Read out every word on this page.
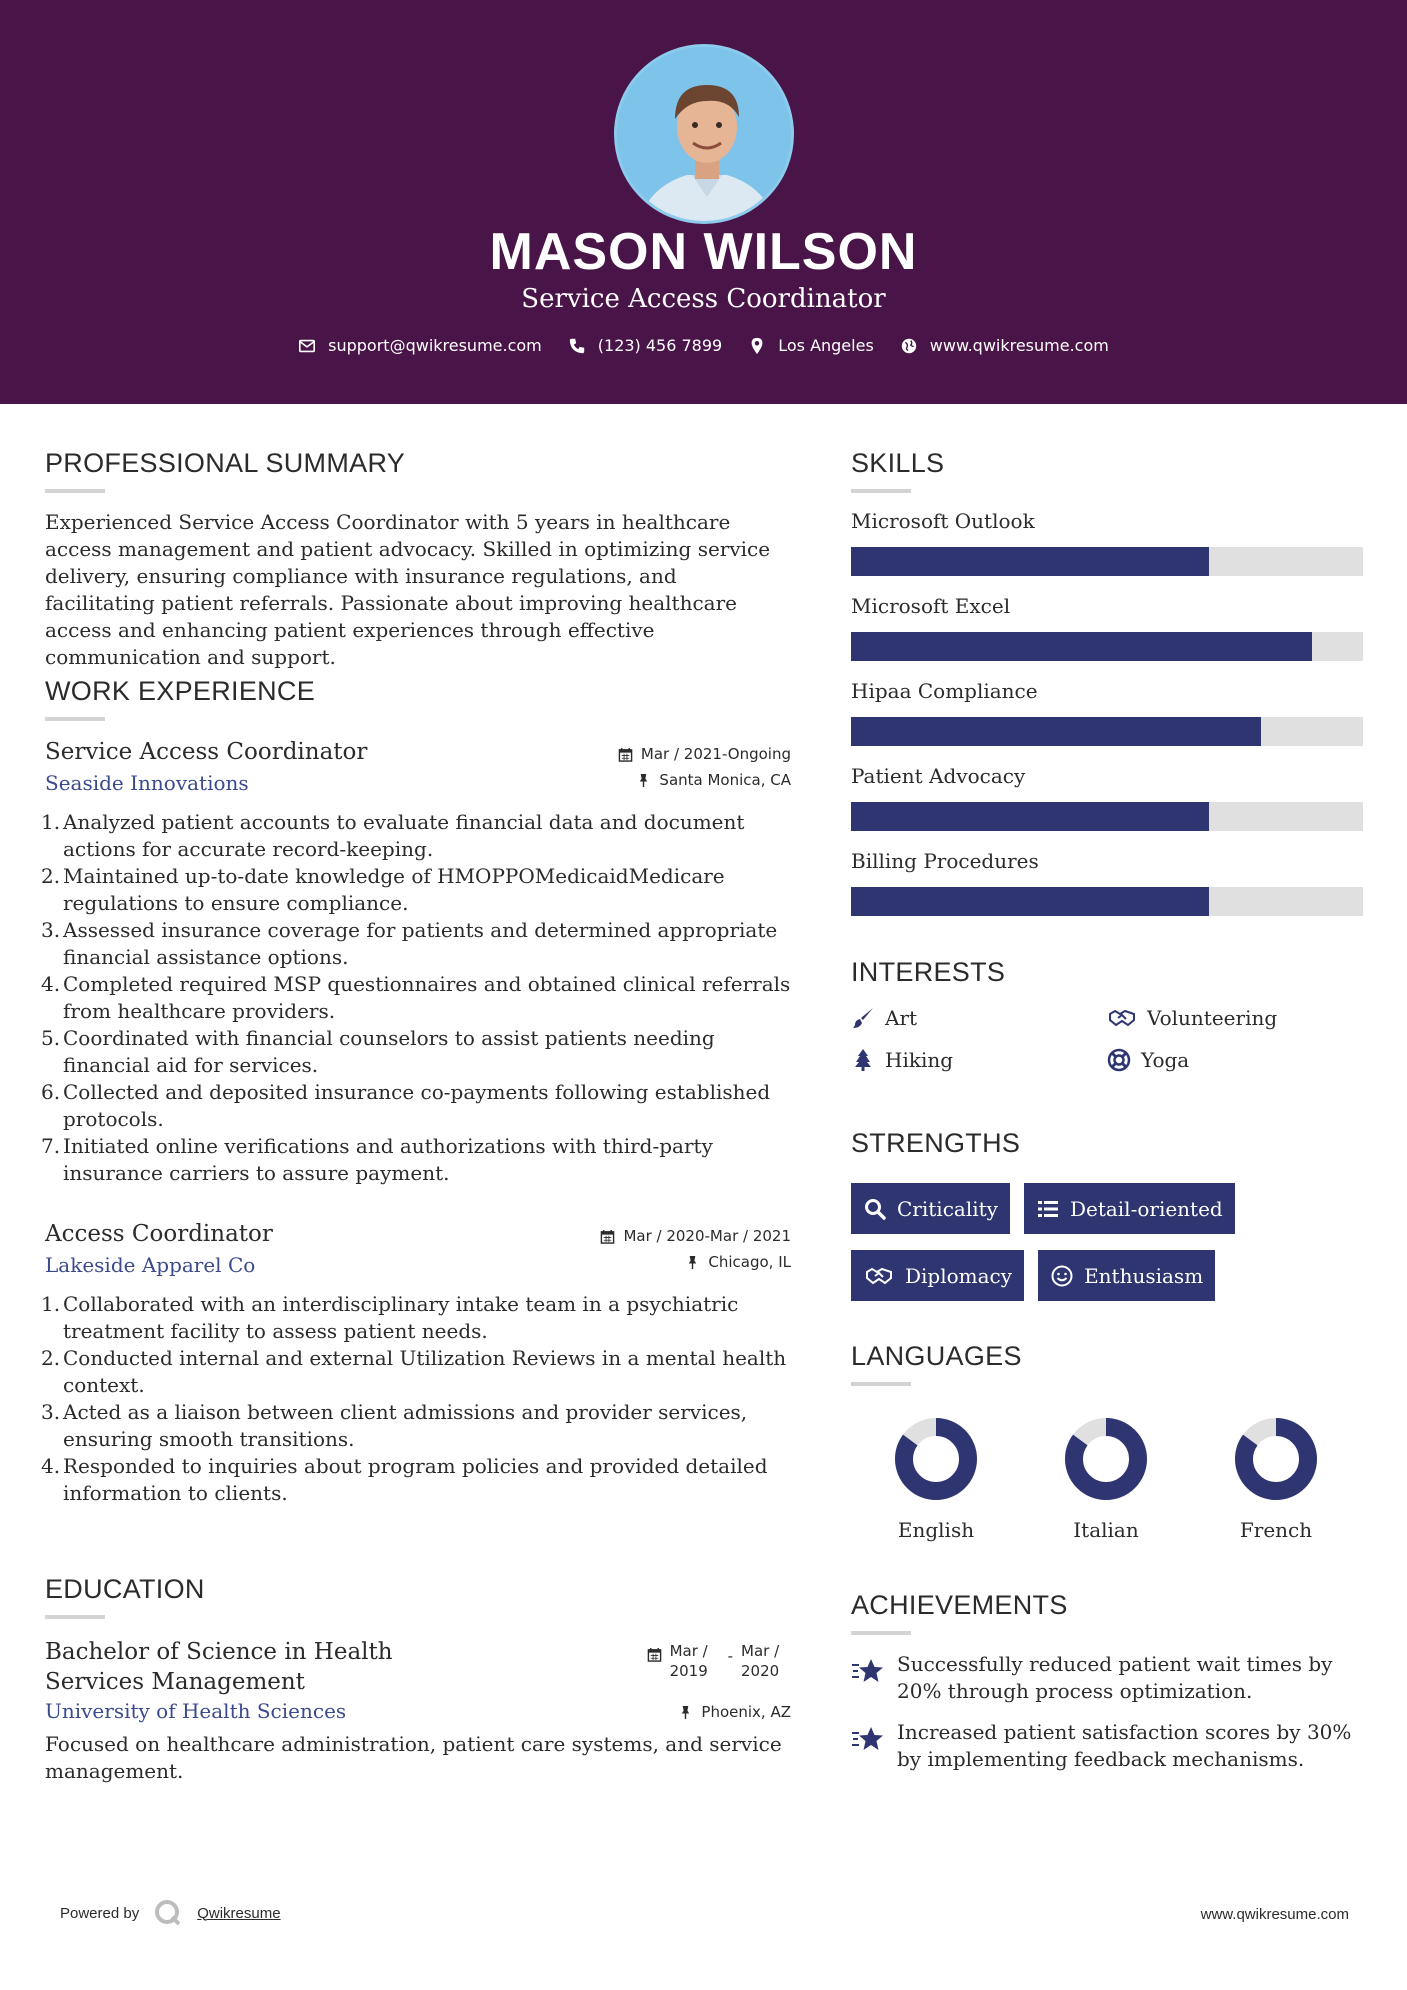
MASON WILSON
Service Access Coordinator
support@qwikresume.com	(123) 456 7899	Los Angeles	www.qwikresume.com
PROFESSIONAL SUMMARY

Experienced Service Access Coordinator with 5 years in healthcare access management and patient advocacy. Skilled in optimizing service delivery, ensuring compliance with insurance regulations, and facilitating patient referrals. Passionate about improving healthcare access and enhancing patient experiences through effective communication and support.

WORK EXPERIENCE
Service Access Coordinator	Mar / 2021-Ongoing
Seaside Innovations	Santa Monica, CA
1. Analyzed patient accounts to evaluate financial data and document actions for accurate record-keeping.
2. Maintained up-to-date knowledge of HMOPPOMedicaidMedicare regulations to ensure compliance.
3. Assessed insurance coverage for patients and determined appropriate financial assistance options.
4. Completed required MSP questionnaires and obtained clinical referrals from healthcare providers.
5. Coordinated with financial counselors to assist patients needing financial aid for services.
6. Collected and deposited insurance co-payments following established protocols.
7. Initiated online verifications and authorizations with third-party insurance carriers to assure payment.
Access Coordinator	Mar / 2020-Mar / 2021
Lakeside Apparel Co	Chicago, IL
1. Collaborated with an interdisciplinary intake team in a psychiatric treatment facility to assess patient needs.
2. Conducted internal and external Utilization Reviews in a mental health context.
3. Acted as a liaison between client admissions and provider services, ensuring smooth transitions.
4. Responded to inquiries about program policies and provided detailed information to clients.
EDUCATION
Bachelor of Science in Health Services Management
Mar / 2019
- Mar / 2020
University of Health Sciences	Phoenix, AZ

Focused on healthcare administration, patient care systems, and service management.

SKILLS
Microsoft Outlook
Microsoft Excel
Hipaa Compliance
Patient Advocacy
Billing Procedures
INTERESTS
Art	Volunteering
Hiking	Yoga
STRENGTHS
Criticality	Detail-oriented
Diplomacy	Enthusiasm
LANGUAGES
English	Italian	French
ACHIEVEMENTS
Successfully reduced patient wait times by 20% through process optimization.
Increased patient satisfaction scores by 30% by implementing feedback mechanisms.
Powered by	Qwikresume	www.qwikresume.com
